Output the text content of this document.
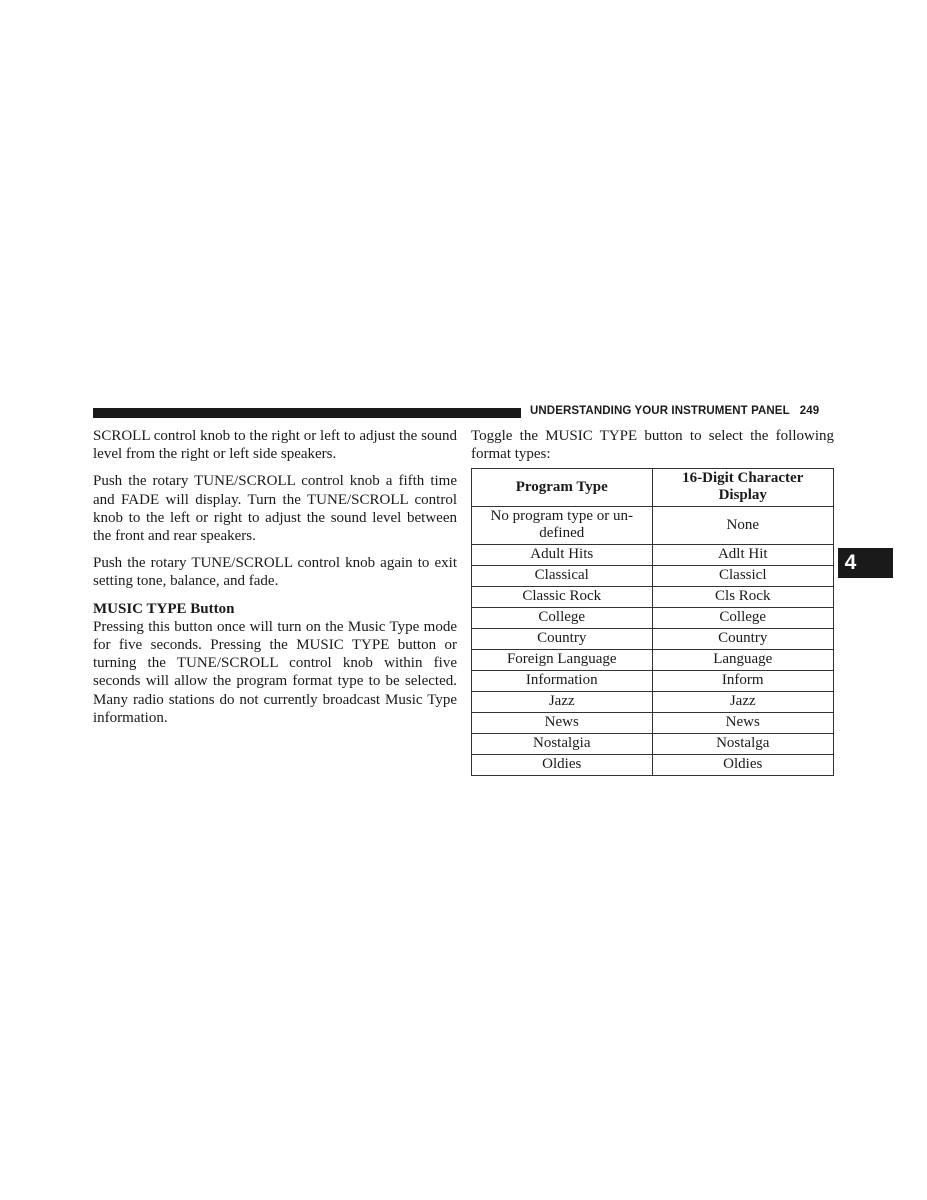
UNDERSTANDING YOUR INSTRUMENT PANEL 249
4

SCROLL control knob to the right or left to adjust the sound level from the right or left side speakers.

Push the rotary TUNE/SCROLL control knob a fifth time and FADE will display. Turn the TUNE/SCROLL control knob to the left or right to adjust the sound level between the front and rear speakers.

Push the rotary TUNE/SCROLL control knob again to exit setting tone, balance, and fade.

MUSIC TYPE Button

Pressing this button once will turn on the Music Type mode for five seconds. Pressing the MUSIC TYPE button or turning the TUNE/SCROLL control knob within five seconds will allow the program format type to be selected. Many radio stations do not currently broadcast Music Type information.

Toggle the MUSIC TYPE button to select the following format types:

Program Type	16-Digit Character Display
No program type or un-defined	None
Adult Hits	Adlt Hit
Classical	Classicl
Classic Rock	Cls Rock
College	College
Country	Country
Foreign Language	Language
Information	Inform
Jazz	Jazz
News	News
Nostalgia	Nostalga
Oldies	Oldies
